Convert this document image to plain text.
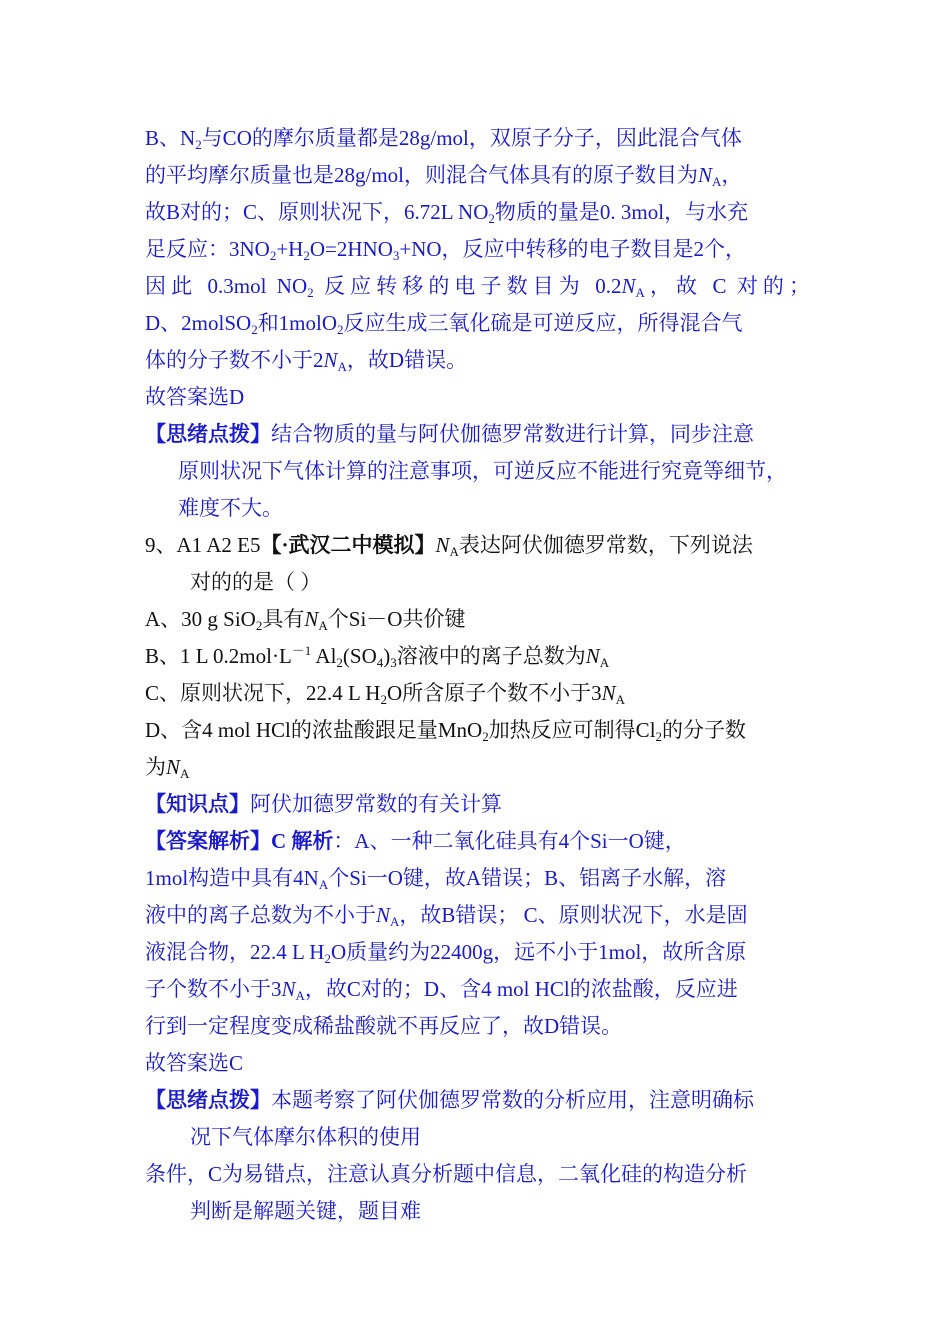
B、$N_2$与CO的摩尔质量都是28g/mol，双原子分子，因此混合气体
的平均摩尔质量也是28g/mol，则混合气体具有的原子数目为$N_A$，
故B对的；C、原则状况下，6.72L $NO_2$物质的量是0. 3mol，与水充
足反应：$3NO_2+H_2O=2HNO_3+NO$，反应中转移的电子数目是2个，
因此 0.3mol $NO_2$ 反应转移的电子数目为 $0.2N_A$，故 C 对的；
D、2molSO$_2$和1molO$_2$反应生成三氧化硫是可逆反应，所得混合气
体的分子数不小于$2N_A$，故D错误。
故答案选D
【思绪点拨】结合物质的量与阿伏伽德罗常数进行计算，同步注意
原则状况下气体计算的注意事项，可逆反应不能进行究竟等细节，
难度不大。
9、A1 A2 E5【·武汉二中模拟】$N_A$表达阿伏伽德罗常数，下列说法
对的的是（ ）
A、30 g SiO$_2$具有$N_A$个Si－O共价键
B、1 L $0.2mol\cdot L^{-1}$ $Al_2(SO_4)_3$溶液中的离子总数为$N_A$
C、原则状况下，22.4 L $H_2O$所含原子个数不小于$3N_A$
D、含4 mol HCl的浓盐酸跟足量MnO$_2$加热反应可制得$Cl_2$的分子数
为$N_A$
【知识点】阿伏加德罗常数的有关计算
【答案解析】C 解析：A、一种二氧化硅具有4个Si一O键，
1mol构造中具有$4N_A$个Si一O键，故A错误；B、铝离子水解，溶
液中的离子总数为不小于$N_A$，故B错误； C、原则状况下，水是固
液混合物，22.4 L $H_2O$质量约为22400g，远不小于1mol，故所含原
子个数不小于$3N_A$，故C对的；D、含4 mol HCl的浓盐酸，反应进
行到一定程度变成稀盐酸就不再反应了，故D错误。
故答案选C
【思绪点拨】本题考察了阿伏伽德罗常数的分析应用，注意明确标
况下气体摩尔体积的使用
条件，C为易错点，注意认真分析题中信息，二氧化硅的构造分析
判断是解题关键，题目难
